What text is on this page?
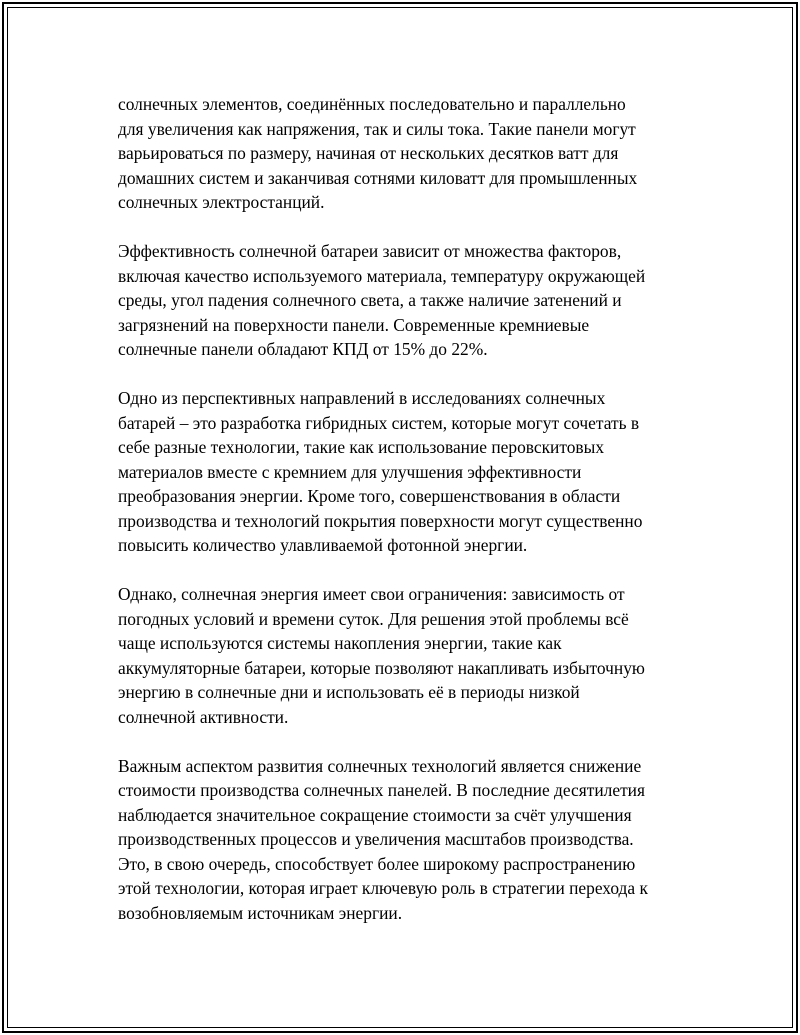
солнечных элементов, соединённых последовательно и параллельно
для увеличения как напряжения, так и силы тока. Такие панели могут
варьироваться по размеру, начиная от нескольких десятков ватт для
домашних систем и заканчивая сотнями киловатт для промышленных
солнечных электростанций.

Эффективность солнечной батареи зависит от множества факторов,
включая качество используемого материала, температуру окружающей
среды, угол падения солнечного света, а также наличие затенений и
загрязнений на поверхности панели. Современные кремниевые
солнечные панели обладают КПД от 15% до 22%.

Одно из перспективных направлений в исследованиях солнечных
батарей – это разработка гибридных систем, которые могут сочетать в
себе разные технологии, такие как использование перовскитовых
материалов вместе с кремнием для улучшения эффективности
преобразования энергии. Кроме того, совершенствования в области
производства и технологий покрытия поверхности могут существенно
повысить количество улавливаемой фотонной энергии.

Однако, солнечная энергия имеет свои ограничения: зависимость от
погодных условий и времени суток. Для решения этой проблемы всё
чаще используются системы накопления энергии, такие как
аккумуляторные батареи, которые позволяют накапливать избыточную
энергию в солнечные дни и использовать её в периоды низкой
солнечной активности.

Важным аспектом развития солнечных технологий является снижение
стоимости производства солнечных панелей. В последние десятилетия
наблюдается значительное сокращение стоимости за счёт улучшения
производственных процессов и увеличения масштабов производства.
Это, в свою очередь, способствует более широкому распространению
этой технологии, которая играет ключевую роль в стратегии перехода к
возобновляемым источникам энергии.
